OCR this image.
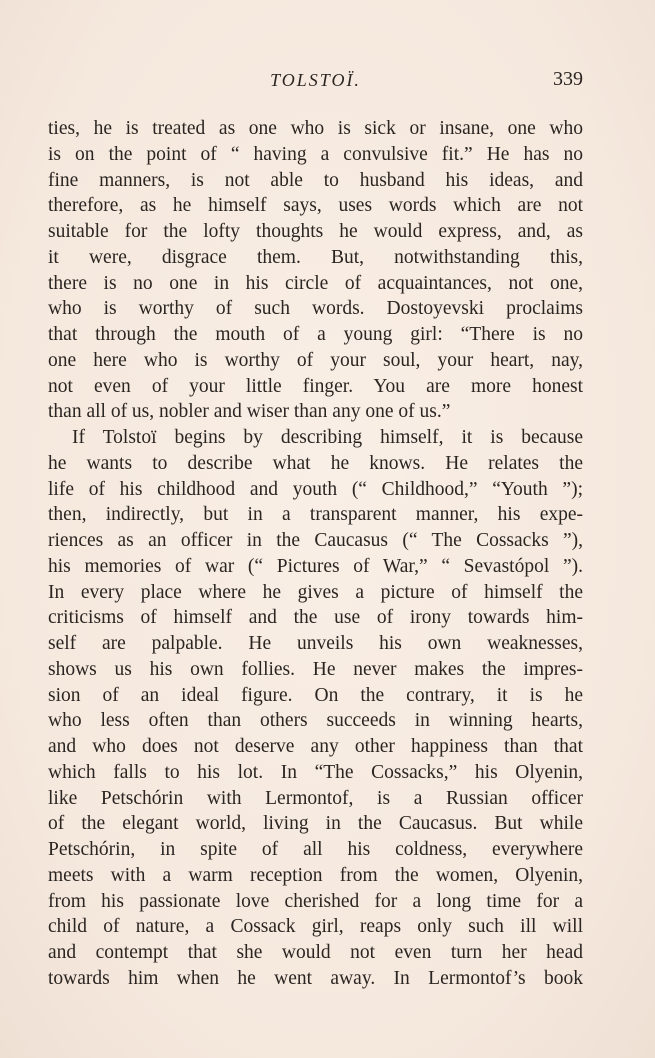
TOLSTOÏ.	339
ties, he is treated as one who is sick or insane, one who
is on the point of “ having a convulsive fit.” He has no
fine manners, is not able to husband his ideas, and
therefore, as he himself says, uses words which are not
suitable for the lofty thoughts he would express, and, as
it were, disgrace them. But, notwithstanding this,
there is no one in his circle of acquaintances, not one,
who is worthy of such words. Dostoyevski proclaims
that through the mouth of a young girl: “There is no
one here who is worthy of your soul, your heart, nay,
not even of your little finger. You are more honest
than all of us, nobler and wiser than any one of us.”
If Tolstoï begins by describing himself, it is because
he wants to describe what he knows. He relates the
life of his childhood and youth (“ Childhood,” “Youth ”);
then, indirectly, but in a transparent manner, his expe-
riences as an officer in the Caucasus (“ The Cossacks ”),
his memories of war (“ Pictures of War,” “ Sevastópol ”).
In every place where he gives a picture of himself the
criticisms of himself and the use of irony towards him-
self are palpable. He unveils his own weaknesses,
shows us his own follies. He never makes the impres-
sion of an ideal figure. On the contrary, it is he
who less often than others succeeds in winning hearts,
and who does not deserve any other happiness than that
which falls to his lot. In “The Cossacks,” his Olyenin,
like Petschórin with Lermontof, is a Russian officer
of the elegant world, living in the Caucasus. But while
Petschórin, in spite of all his coldness, everywhere
meets with a warm reception from the women, Olyenin,
from his passionate love cherished for a long time for a
child of nature, a Cossack girl, reaps only such ill will
and contempt that she would not even turn her head
towards him when he went away. In Lermontof’s book
